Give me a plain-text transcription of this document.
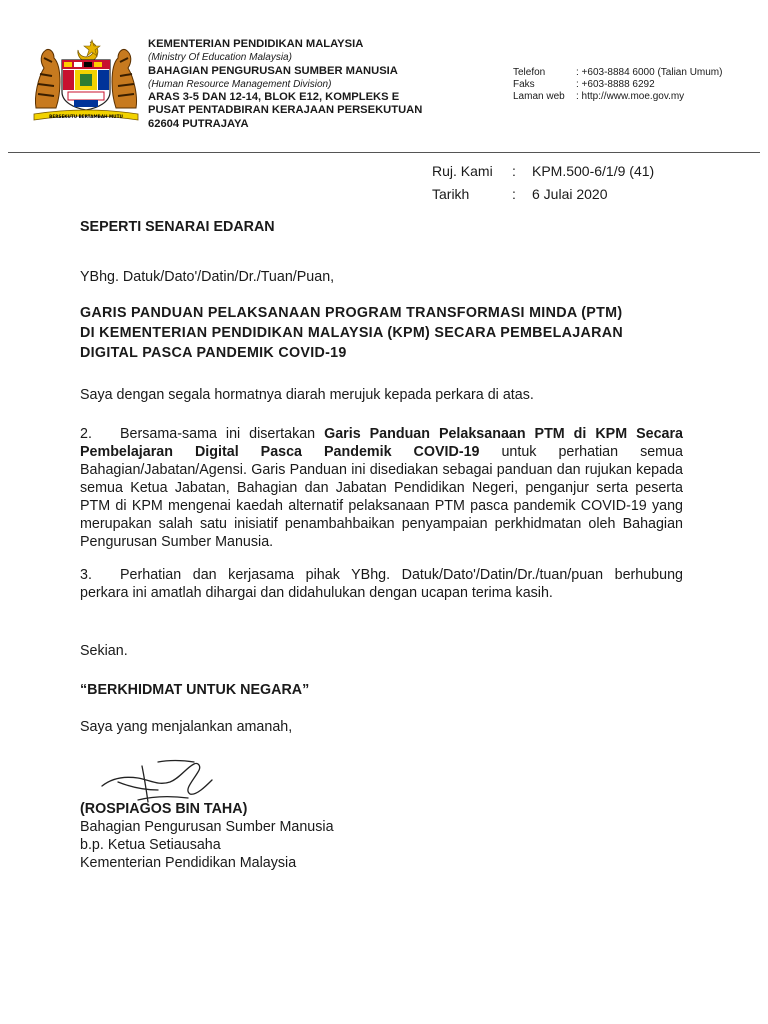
BERSEKUTU BERTAMBAH MUTU
KEMENTERIAN PENDIDIKAN MALAYSIA
(Ministry Of Education Malaysia)
BAHAGIAN PENGURUSAN SUMBER MANUSIA
(Human Resource Management Division)
ARAS 3-5 DAN 12-14, BLOK E12, KOMPLEKS E
PUSAT PENTADBIRAN KERAJAAN PERSEKUTUAN
62604 PUTRAJAYA
Telefon	: +603-8884 6000 (Talian Umum)
Faks	: +603-8888 6292
Laman web	: http://www.moe.gov.my
Ruj. Kami	:	KPM.500-6/1/9 (41)
Tarikh	:	6 Julai 2020
SEPERTI SENARAI EDARAN
YBhg. Datuk/Dato'/Datin/Dr./Tuan/Puan,
GARIS PANDUAN PELAKSANAAN PROGRAM TRANSFORMASI MINDA (PTM)
DI KEMENTERIAN PENDIDIKAN MALAYSIA (KPM) SECARA PEMBELAJARAN
DIGITAL PASCA PANDEMIK COVID-19
Saya dengan segala hormatnya diarah merujuk kepada perkara di atas.
2. Bersama-sama ini disertakan Garis Panduan Pelaksanaan PTM di KPM Secara Pembelajaran Digital Pasca Pandemik COVID-19 untuk perhatian semua Bahagian/Jabatan/Agensi. Garis Panduan ini disediakan sebagai panduan dan rujukan kepada semua Ketua Jabatan, Bahagian dan Jabatan Pendidikan Negeri, penganjur serta peserta PTM di KPM mengenai kaedah alternatif pelaksanaan PTM pasca pandemik COVID-19 yang merupakan salah satu inisiatif penambahbaikan penyampaian perkhidmatan oleh Bahagian Pengurusan Sumber Manusia.
3. Perhatian dan kerjasama pihak YBhg. Datuk/Dato'/Datin/Dr./tuan/puan berhubung perkara ini amatlah dihargai dan didahulukan dengan ucapan terima kasih.
Sekian.
“BERKHIDMAT UNTUK NEGARA”
Saya yang menjalankan amanah,
(ROSPIAGOS BIN TAHA)
Bahagian Pengurusan Sumber Manusia
b.p. Ketua Setiausaha
Kementerian Pendidikan Malaysia
